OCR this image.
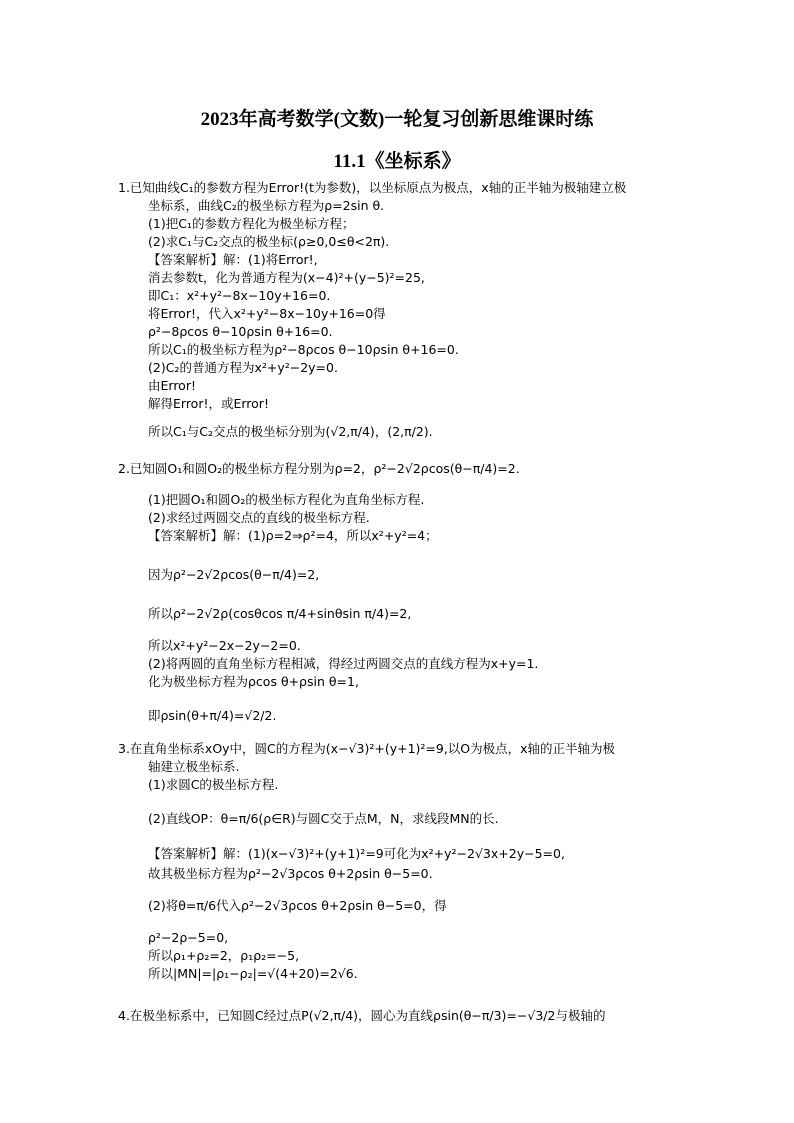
2023年高考数学(文数)一轮复习创新思维课时练
11.1《坐标系》
1.已知曲线C₁的参数方程为Error!(t为参数)，以坐标原点为极点，x轴的正半轴为极轴建立极
坐标系，曲线C₂的极坐标方程为ρ=2sin θ.
(1)把C₁的参数方程化为极坐标方程；
(2)求C₁与C₂交点的极坐标(ρ≥0,0≤θ<2π).
【答案解析】解：(1)将Error!,
消去参数t，化为普通方程为(x−4)²+(y−5)²=25,
即C₁：x²+y²−8x−10y+16=0.
将Error!，代入x²+y²−8x−10y+16=0得
ρ²−8ρcos θ−10ρsin θ+16=0.
所以C₁的极坐标方程为ρ²−8ρcos θ−10ρsin θ+16=0.
(2)C₂的普通方程为x²+y²−2y=0.
由Error!
解得Error!，或Error!
所以C₁与C₂交点的极坐标分别为(√2,π/4)，(2,π/2).
2.已知圆O₁和圆O₂的极坐标方程分别为ρ=2，ρ²−2√2ρcos(θ−π/4)=2.
(1)把圆O₁和圆O₂的极坐标方程化为直角坐标方程.
(2)求经过两圆交点的直线的极坐标方程.
【答案解析】解：(1)ρ=2⇒ρ²=4，所以x²+y²=4；
因为ρ²−2√2ρcos(θ−π/4)=2,
所以ρ²−2√2ρ(cosθcos π/4+sinθsin π/4)=2,
所以x²+y²−2x−2y−2=0.
(2)将两圆的直角坐标方程相减，得经过两圆交点的直线方程为x+y=1.
化为极坐标方程为ρcos θ+ρsin θ=1,
即ρsin(θ+π/4)=√2/2.
3.在直角坐标系xOy中，圆C的方程为(x−√3)²+(y+1)²=9,以O为极点，x轴的正半轴为极
轴建立极坐标系.
(1)求圆C的极坐标方程.
(2)直线OP：θ=π/6(ρ∈R)与圆C交于点M，N，求线段MN的长.
【答案解析】解：(1)(x−√3)²+(y+1)²=9可化为x²+y²−2√3x+2y−5=0,
故其极坐标方程为ρ²−2√3ρcos θ+2ρsin θ−5=0.
(2)将θ=π/6代入ρ²−2√3ρcos θ+2ρsin θ−5=0，得
ρ²−2ρ−5=0,
所以ρ₁+ρ₂=2，ρ₁ρ₂=−5,
所以|MN|=|ρ₁−ρ₂|=√(4+20)=2√6.
4.在极坐标系中，已知圆C经过点P(√2,π/4)，圆心为直线ρsin(θ−π/3)=−√3/2与极轴的
